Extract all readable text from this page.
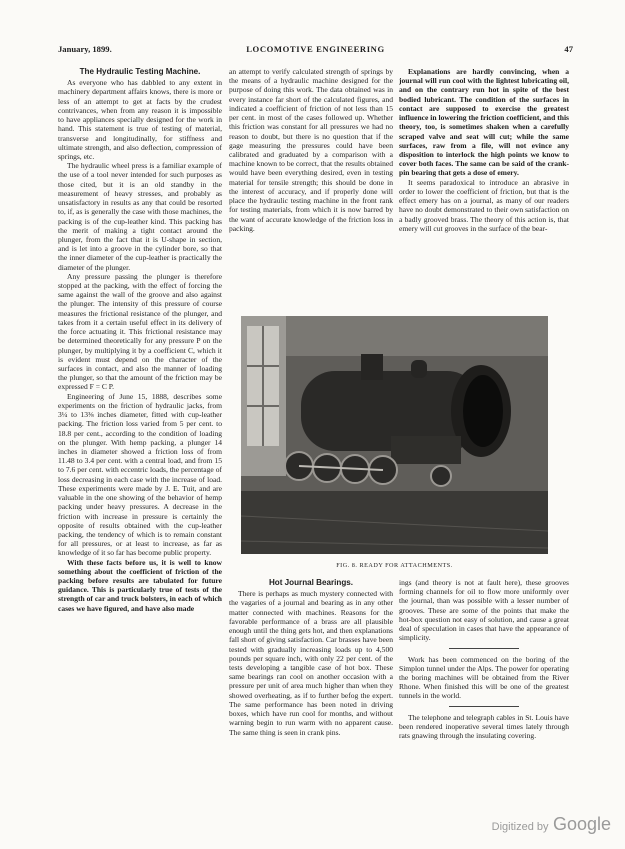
January, 1899.	LOCOMOTIVE ENGINEERING	47
The Hydraulic Testing Machine.

As everyone who has dabbled to any extent in machinery department affairs knows, there is more or less of an attempt to get at facts by the crudest contrivances, when from any reason it is impossible to have appliances specially designed for the work in hand. This statement is true of testing of material, transverse and longitudinally, for stiffness and ultimate strength, and also deflection, compression of springs, etc.

The hydraulic wheel press is a familiar example of the use of a tool never intended for such purposes as those cited, but it is an old standby in the measurement of heavy stresses, and probably as unsatisfactory in results as any that could be resorted to, if, as is generally the case with those machines, the packing is of the cup-leather kind. This packing has the merit of making a tight contact around the plunger, from the fact that it is U-shape in section, and is let into a groove in the cylinder bore, so that the inner diameter of the cup-leather is practically the diameter of the plunger.

Any pressure passing the plunger is therefore stopped at the packing, with the effect of forcing the same against the wall of the groove and also against the plunger. The intensity of this pressure of course measures the frictional resistance of the plunger, and takes from it a certain useful effect in its delivery of the force actuating it. This frictional resistance may be determined theoretically for any pressure P on the plunger, by multiplying it by a coefficient C, which it is evident must depend on the character of the surfaces in contact, and also the manner of loading the plunger, so that the amount of the friction may be expressed F = C P.

Engineering of June 15, 1888, describes some experiments on the friction of hydraulic jacks, from 3¼ to 13⅜ inches diameter, fitted with cup-leather packing. The friction loss varied from 5 per cent. to 18.8 per cent., according to the condition of loading on the plunger. With hemp packing, a plunger 14 inches in diameter showed a friction loss of from 11.48 to 3.4 per cent. with a central load, and from 15 to 7.6 per cent. with eccentric loads, the percentage of loss decreasing in each case with the increase of load. These experiments were made by J. E. Tuit, and are valuable in the one showing of the behavior of hemp packing under heavy pressures. A decrease in the friction with increase in pressure is certainly the opposite of results obtained with the cup-leather packing, the tendency of which is to remain constant for all pressures, or at least to increase, as far as knowledge of it so far has become public property.

With these facts before us, it is well to know something about the coefficient of friction of the packing before results are tabulated for future guidance. This is particularly true of tests of the strength of car and truck bolsters, in each of which cases we have figured, and have also made

an attempt to verify calculated strength of springs by the means of a hydraulic machine designed for the purpose of doing this work. The data obtained was in every instance far short of the calculated figures, and indicated a coefficient of friction of not less than 15 per cent. in most of the cases followed up. Whether this friction was constant for all pressures we had no reason to doubt, but there is no question that if the gage measuring the pressures could have been calibrated and graduated by a comparison with a machine known to be correct, that the results obtained would have been everything desired, even in testing material for tensile strength; this should be done in the interest of accuracy, and if properly done will place the hydraulic testing machine in the front rank for testing materials, from which it is now barred by the want of accurate knowledge of the friction loss in packing.

Explanations are hardly convincing, when a journal will run cool with the lightest lubricating oil, and on the contrary run hot in spite of the best bodied lubricant. The condition of the surfaces in contact are supposed to exercise the greatest influence in lowering the friction coefficient, and this theory, too, is sometimes shaken when a carefully scraped valve and seat will cut; while the same surfaces, raw from a file, will not evince any disposition to interlock the high points we know to cover both faces. The same can be said of the crank-pin bearing that gets a dose of emery.

It seems paradoxical to introduce an abrasive in order to lower the coefficient of friction, but that is the effect emery has on a journal, as many of our readers have no doubt demonstrated to their own satisfaction on a badly grooved brass. The theory of this action is, that emery will cut grooves in the surface of the bear-

FIG. 8. READY FOR ATTACHMENTS.
Hot Journal Bearings.

There is perhaps as much mystery connected with the vagaries of a journal and bearing as in any other matter connected with machines. Reasons for the favorable performance of a brass are all plausible enough until the thing gets hot, and then explanations fall short of giving satisfaction. Car brasses have been tested with gradually increasing loads up to 4,500 pounds per square inch, with only 22 per cent. of the tests developing a tangible case of hot box. These same bearings ran cool on another occasion with a pressure per unit of area much higher than when they showed overheating, as if to further befog the expert. The same performance has been noted in driving boxes, which have run cool for months, and without warning begin to run warm with no apparent cause. The same thing is seen in crank pins.

ings (and theory is not at fault here), these grooves forming channels for oil to flow more uniformly over the journal, than was possible with a lesser number of grooves. These are some of the points that make the hot-box question not easy of solution, and cause a great deal of speculation in cases that have the appearance of simplicity.

Work has been commenced on the boring of the Simplon tunnel under the Alps. The power for operating the boring machines will be obtained from the River Rhone. When finished this will be one of the greatest tunnels in the world.

The telephone and telegraph cables in St. Louis have been rendered inoperative several times lately through rats gnawing through the insulating covering.

Digitized by Google
